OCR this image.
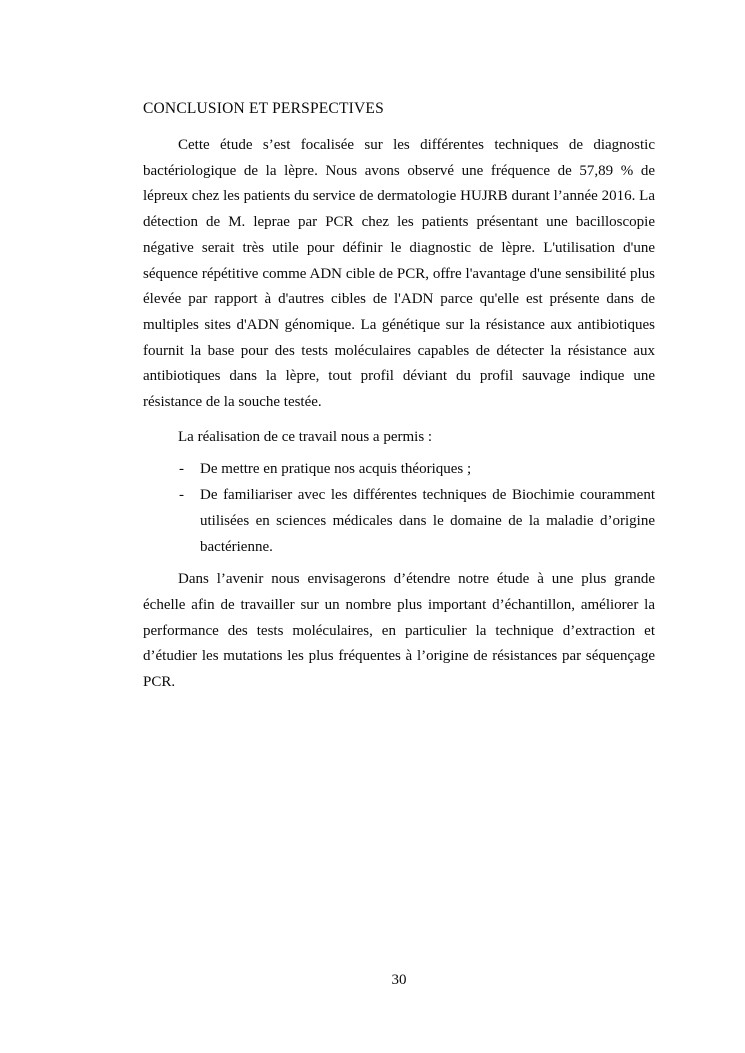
CONCLUSION ET PERSPECTIVES

Cette étude s’est focalisée sur les différentes techniques de diagnostic bactériologique de la lèpre. Nous avons observé une fréquence de 57,89 % de lépreux chez les patients du service de dermatologie HUJRB durant l’année 2016. La détection de M. leprae par PCR chez les patients présentant une bacilloscopie négative serait très utile pour définir le diagnostic de lèpre. L'utilisation d'une séquence répétitive comme ADN cible de PCR, offre l'avantage d'une sensibilité plus élevée par rapport à d'autres cibles de l'ADN parce qu'elle est présente dans de multiples sites d'ADN génomique. La génétique sur la résistance aux antibiotiques fournit la base pour des tests moléculaires capables de détecter la résistance aux antibiotiques dans la lèpre, tout profil déviant du profil sauvage indique une résistance de la souche testée.

La réalisation de ce travail nous a permis :

- De mettre en pratique nos acquis théoriques ;
- De familiariser avec les différentes techniques de Biochimie couramment utilisées en sciences médicales dans le domaine de la maladie d’origine bactérienne.

Dans l’avenir nous envisagerons d’étendre notre étude à une plus grande échelle afin de travailler sur un nombre plus important d’échantillon, améliorer la performance des tests moléculaires, en particulier la technique d’extraction et d’étudier les mutations les plus fréquentes à l’origine de résistances par séquençage PCR.

30
